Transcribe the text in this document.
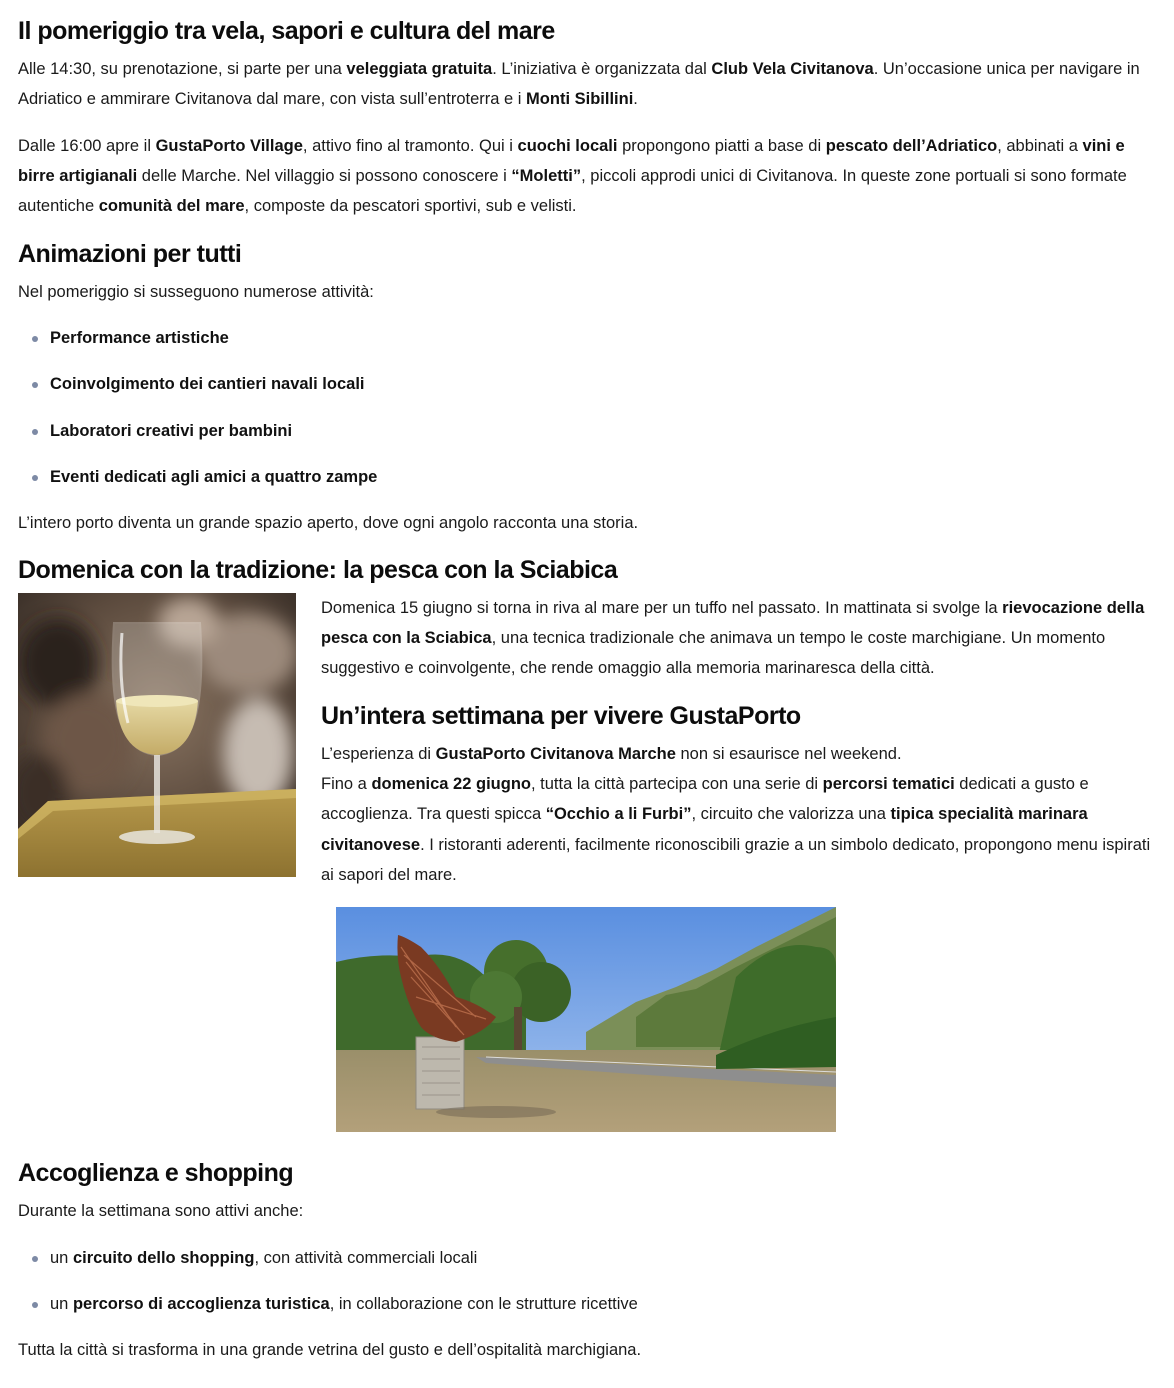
Il pomeriggio tra vela, sapori e cultura del mare

Alle 14:30, su prenotazione, si parte per una veleggiata gratuita. L’iniziativa è organizzata dal Club Vela Civitanova. Un’occasione unica per navigare in Adriatico e ammirare Civitanova dal mare, con vista sull’entroterra e i Monti Sibillini.

Dalle 16:00 apre il GustaPorto Village, attivo fino al tramonto. Qui i cuochi locali propongono piatti a base di pescato dell’Adriatico, abbinati a vini e birre artigianali delle Marche. Nel villaggio si possono conoscere i “Moletti”, piccoli approdi unici di Civitanova. In queste zone portuali si sono formate autentiche comunità del mare, composte da pescatori sportivi, sub e velisti.

Animazioni per tutti

Nel pomeriggio si susseguono numerose attività:

Performance artistiche
Coinvolgimento dei cantieri navali locali
Laboratori creativi per bambini
Eventi dedicati agli amici a quattro zampe

L’intero porto diventa un grande spazio aperto, dove ogni angolo racconta una storia.

Domenica con la tradizione: la pesca con la Sciabica

Domenica 15 giugno si torna in riva al mare per un tuffo nel passato. In mattinata si svolge la rievocazione della pesca con la Sciabica, una tecnica tradizionale che animava un tempo le coste marchigiane. Un momento suggestivo e coinvolgente, che rende omaggio alla memoria marinaresca della città.

Un’intera settimana per vivere GustaPorto

L’esperienza di GustaPorto Civitanova Marche non si esaurisce nel weekend.
Fino a domenica 22 giugno, tutta la città partecipa con una serie di percorsi tematici dedicati a gusto e accoglienza. Tra questi spicca “Occhio a li Furbi”, circuito che valorizza una tipica specialità marinara civitanovese. I ristoranti aderenti, facilmente riconoscibili grazie a un simbolo dedicato, propongono menu ispirati ai sapori del mare.

Accoglienza e shopping

Durante la settimana sono attivi anche:

un circuito dello shopping, con attività commerciali locali
un percorso di accoglienza turistica, in collaborazione con le strutture ricettive

Tutta la città si trasforma in una grande vetrina del gusto e dell’ospitalità marchigiana.
